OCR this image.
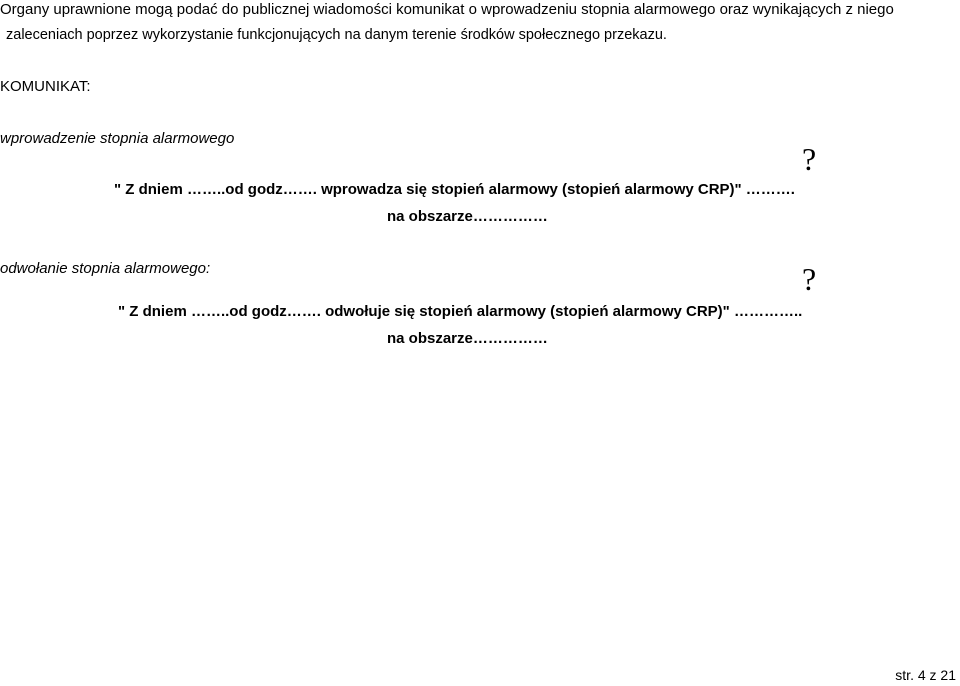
Organy uprawnione mogą podać do publicznej wiadomości komunikat o wprowadzeniu stopnia alarmowego oraz wynikających z niego
zaleceniach poprzez wykorzystanie funkcjonujących na danym terenie środków społecznego przekazu.
KOMUNIKAT:
wprowadzenie stopnia alarmowego
?
" Z dniem ……..od godz……. wprowadza się stopień alarmowy (stopień alarmowy CRP)" ……….
na obszarze……………
odwołanie stopnia alarmowego:	?
" Z dniem ……..od godz……. odwołuje się stopień alarmowy (stopień alarmowy CRP)" …………..
na obszarze……………
str. 4 z 21
